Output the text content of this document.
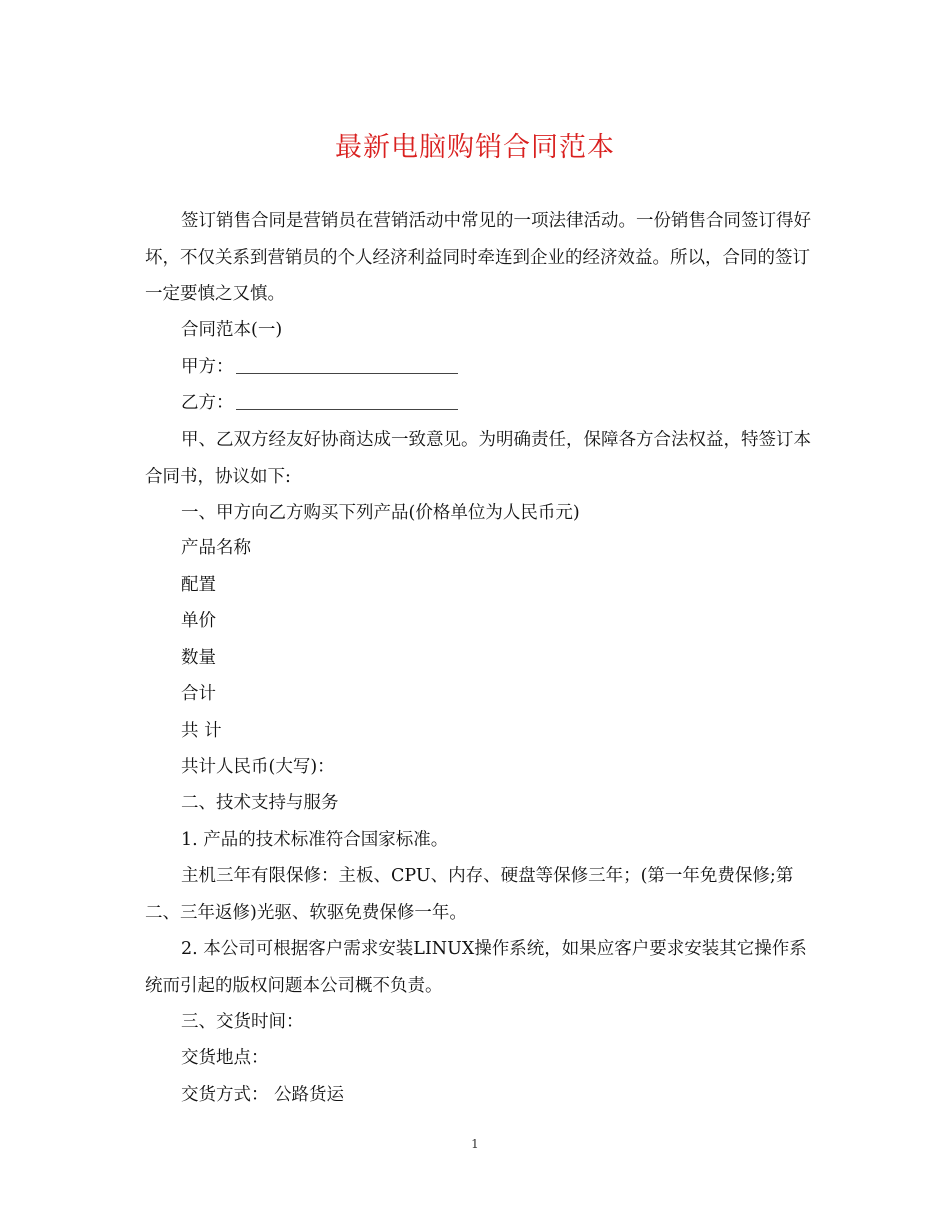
最新电脑购销合同范本

签订销售合同是营销员在营销活动中常见的一项法律活动。一份销售合同签订得好坏，不仅关系到营销员的个人经济利益同时牵连到企业的经济效益。所以，合同的签订一定要慎之又慎。

合同范本(一)
甲方：
乙方：

甲、乙双方经友好协商达成一致意见。为明确责任，保障各方合法权益，特签订本合同书，协议如下:

一、甲方向乙方购买下列产品(价格单位为人民币元)
产品名称
配置
单价
数量
合计
共 计
共计人民币(大写)：
二、技术支持与服务
1. 产品的技术标准符合国家标准。

主机三年有限保修：主板、CPU、内存、硬盘等保修三年；(第一年免费保修;第二、三年返修)光驱、软驱免费保修一年。

2. 本公司可根据客户需求安装LINUX操作系统，如果应客户要求安装其它操作系统而引起的版权问题本公司概不负责。

三、交货时间：
交货地点：
交货方式： 公路货运
1
